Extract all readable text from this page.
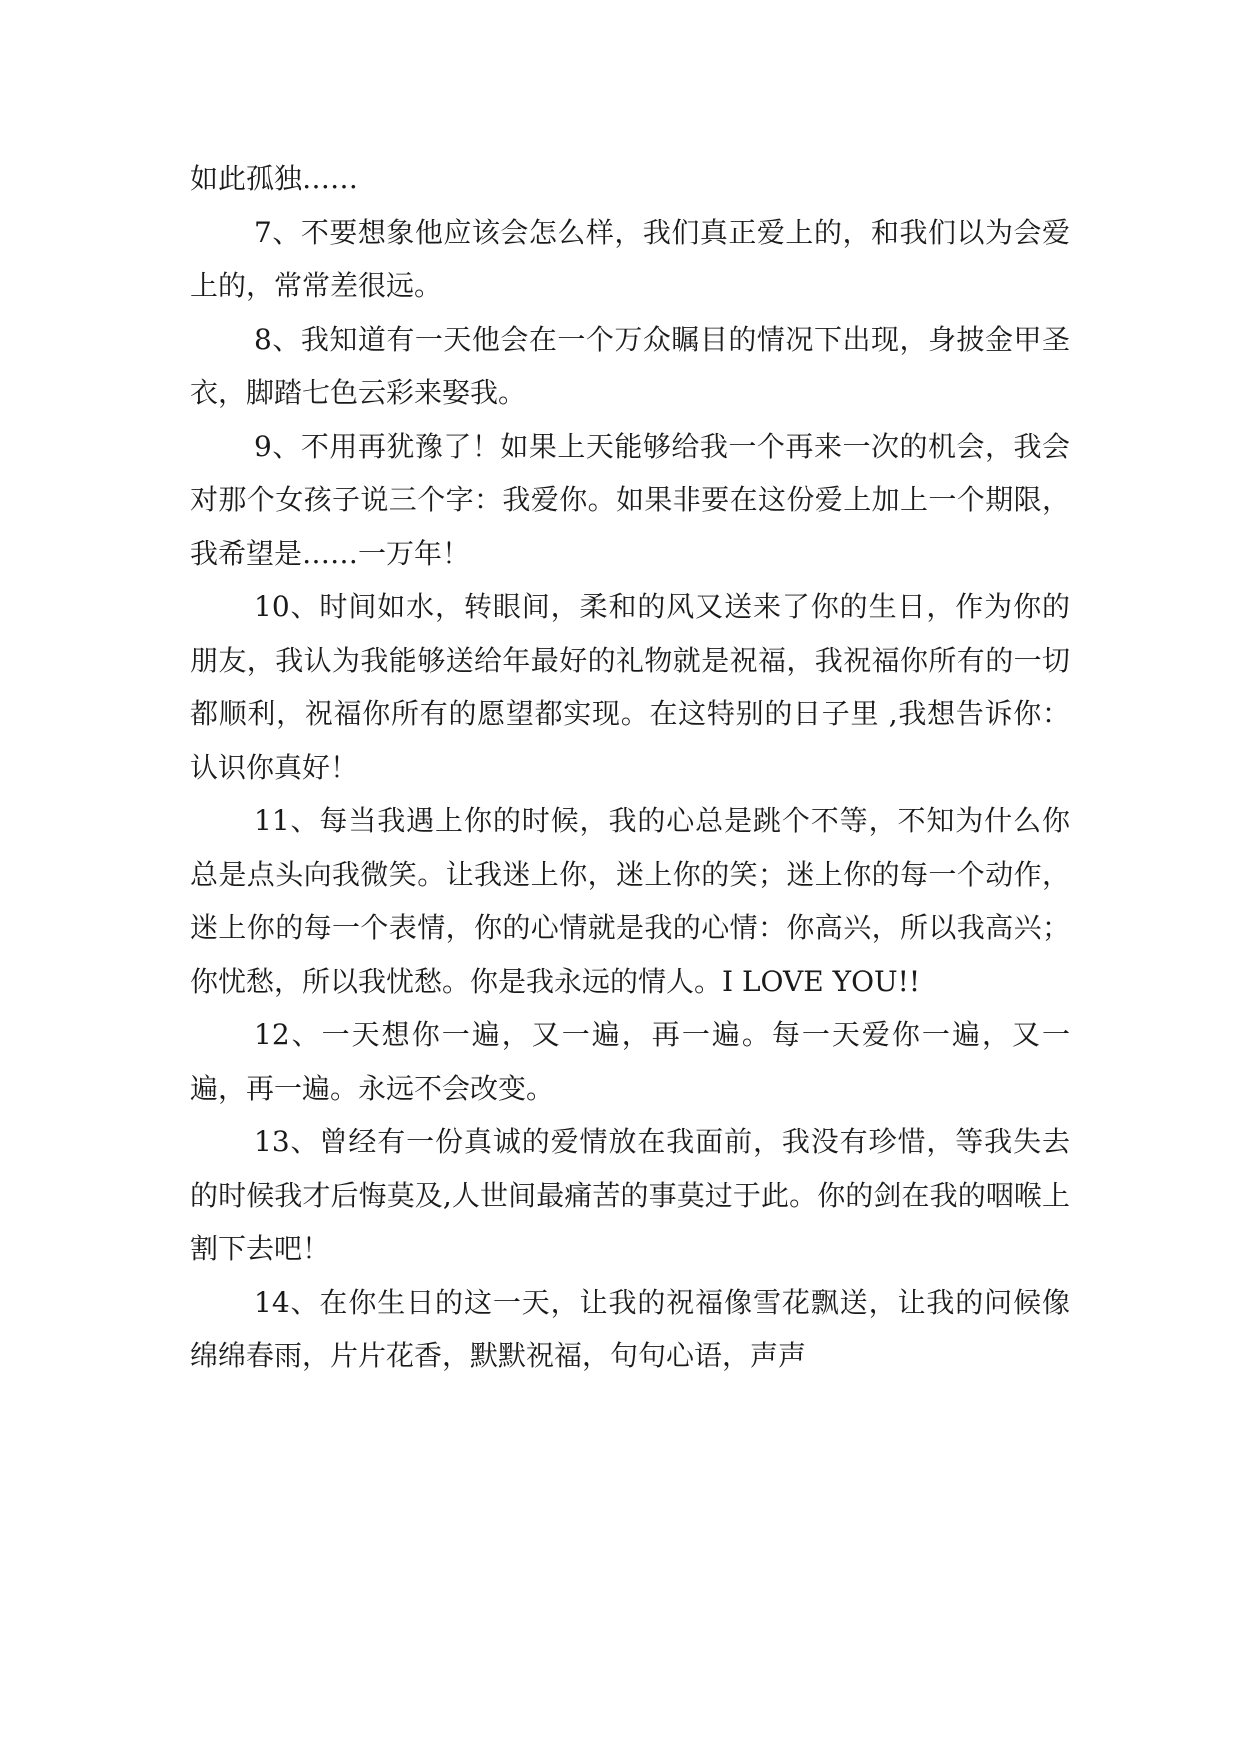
如此孤独……

7、不要想象他应该会怎么样，我们真正爱上的，和我们以为会爱上的，常常差很远。

8、我知道有一天他会在一个万众瞩目的情况下出现，身披金甲圣衣，脚踏七色云彩来娶我。

9、不用再犹豫了！如果上天能够给我一个再来一次的机会，我会对那个女孩子说三个字：我爱你。如果非要在这份爱上加上一个期限，我希望是……一万年！

10、时间如水，转眼间，柔和的风又送来了你的生日，作为你的朋友，我认为我能够送给年最好的礼物就是祝福，我祝福你所有的一切都顺利，祝福你所有的愿望都实现。在这特别的日子里 ,我想告诉你：认识你真好！

11、每当我遇上你的时候，我的心总是跳个不等，不知为什么你总是点头向我微笑。让我迷上你，迷上你的笑；迷上你的每一个动作，迷上你的每一个表情，你的心情就是我的心情：你高兴，所以我高兴；你忧愁，所以我忧愁。你是我永远的情人。I LOVE YOU!!

12、一天想你一遍，又一遍，再一遍。每一天爱你一遍，又一遍，再一遍。永远不会改变。

13、曾经有一份真诚的爱情放在我面前，我没有珍惜，等我失去的时候我才后悔莫及,人世间最痛苦的事莫过于此。你的剑在我的咽喉上割下去吧！

14、在你生日的这一天，让我的祝福像雪花飘送，让我的问候像绵绵春雨，片片花香，默默祝福，句句心语，声声
